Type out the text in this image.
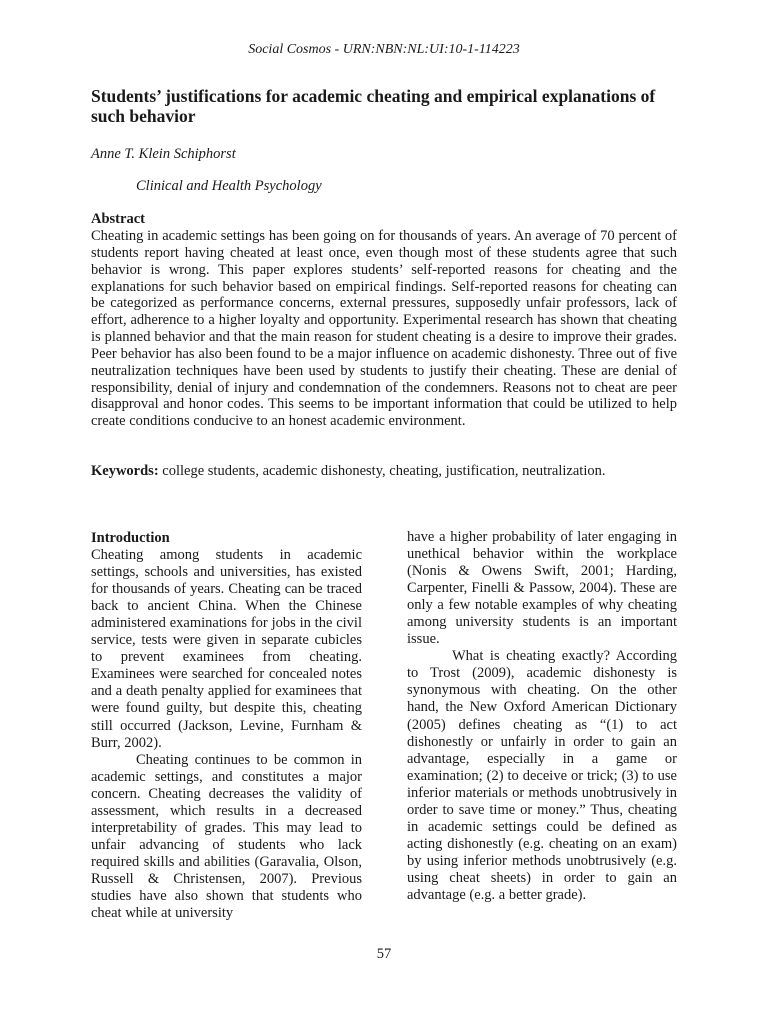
Social Cosmos - URN:NBN:NL:UI:10-1-114223
Students’ justifications for academic cheating and empirical explanations of such behavior
Anne T. Klein Schiphorst
Clinical and Health Psychology
Abstract
Cheating in academic settings has been going on for thousands of years. An average of 70 percent of students report having cheated at least once, even though most of these students agree that such behavior is wrong. This paper explores students’ self-reported reasons for cheating and the explanations for such behavior based on empirical findings. Self-reported reasons for cheating can be categorized as performance concerns, external pressures, supposedly unfair professors, lack of effort, adherence to a higher loyalty and opportunity. Experimental research has shown that cheating is planned behavior and that the main reason for student cheating is a desire to improve their grades. Peer behavior has also been found to be a major influence on academic dishonesty. Three out of five neutralization techniques have been used by students to justify their cheating. These are denial of responsibility, denial of injury and condemnation of the condemners. Reasons not to cheat are peer disapproval and honor codes. This seems to be important information that could be utilized to help create conditions conducive to an honest academic environment.
Keywords: college students, academic dishonesty, cheating, justification, neutralization.
Introduction

Cheating among students in academic settings, schools and universities, has existed for thousands of years. Cheating can be traced back to ancient China. When the Chinese administered examinations for jobs in the civil service, tests were given in separate cubicles to prevent examinees from cheating. Examinees were searched for concealed notes and a death penalty applied for examinees that were found guilty, but despite this, cheating still occurred (Jackson, Levine, Furnham & Burr, 2002).

Cheating continues to be common in academic settings, and constitutes a major concern. Cheating decreases the validity of assessment, which results in a decreased interpretability of grades. This may lead to unfair advancing of students who lack required skills and abilities (Garavalia, Olson, Russell & Christensen, 2007). Previous studies have also shown that students who cheat while at university

have a higher probability of later engaging in unethical behavior within the workplace (Nonis & Owens Swift, 2001; Harding, Carpenter, Finelli & Passow, 2004). These are only a few notable examples of why cheating among university students is an important issue.

What is cheating exactly? According to Trost (2009), academic dishonesty is synonymous with cheating. On the other hand, the New Oxford American Dictionary (2005) defines cheating as “(1) to act dishonestly or unfairly in order to gain an advantage, especially in a game or examination; (2) to deceive or trick; (3) to use inferior materials or methods unobtrusively in order to save time or money.” Thus, cheating in academic settings could be defined as acting dishonestly (e.g. cheating on an exam) by using inferior methods unobtrusively (e.g. using cheat sheets) in order to gain an advantage (e.g. a better grade).

57
